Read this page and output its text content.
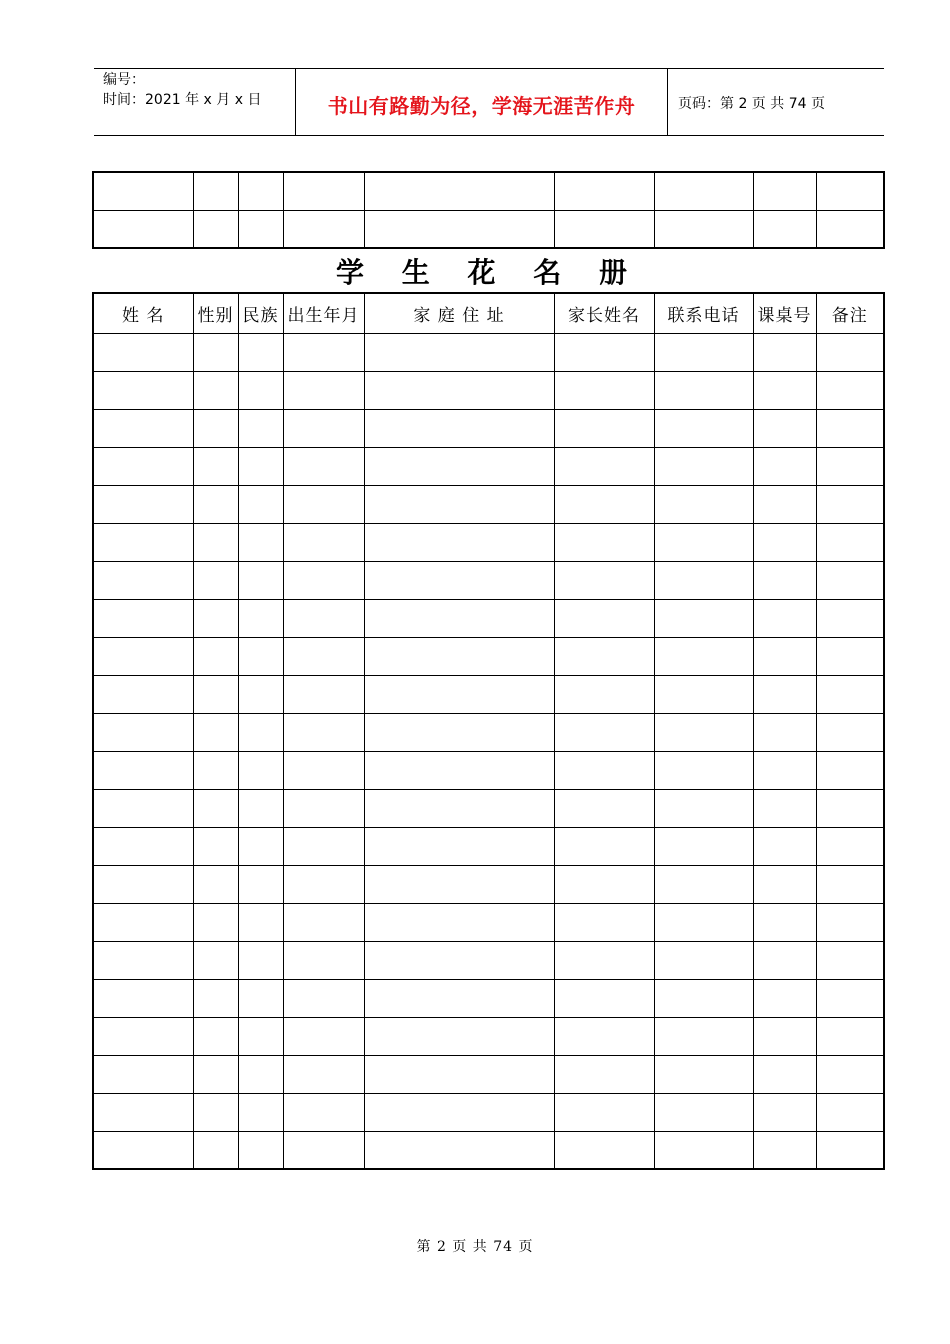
编号：
时间：2021 年 x 月 x 日	书山有路勤为径，学海无涯苦作舟	页码：第 2 页 共 74 页

学 生 花 名 册
姓 名	性别	民族	出生年月	家 庭 住 址	家长姓名	联系电话	课桌号	备注

第 2 页 共 74 页
